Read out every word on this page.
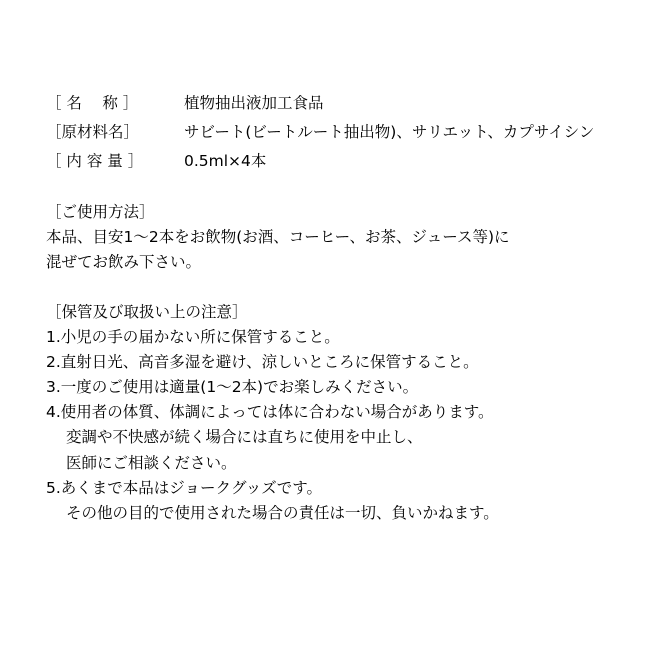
［ 名　 称 ］	植物抽出液加工食品
［原材料名］	サビート(ビートルート抽出物)、サリエット、カプサイシン
［ 内 容 量 ］	0.5ml×4本
［ご使用方法］
本品、目安1〜2本をお飲物(お酒、コーヒー、お茶、ジュース等)に
混ぜてお飲み下さい。
［保管及び取扱い上の注意］
1.小児の手の届かない所に保管すること。
2.直射日光、高音多湿を避け、涼しいところに保管すること。
3.一度のご使用は適量(1〜2本)でお楽しみください。
4.使用者の体質、体調によっては体に合わない場合があります。
変調や不快感が続く場合には直ちに使用を中止し、
医師にご相談ください。
5.あくまで本品はジョークグッズです。
その他の目的で使用された場合の責任は一切、負いかねます。
